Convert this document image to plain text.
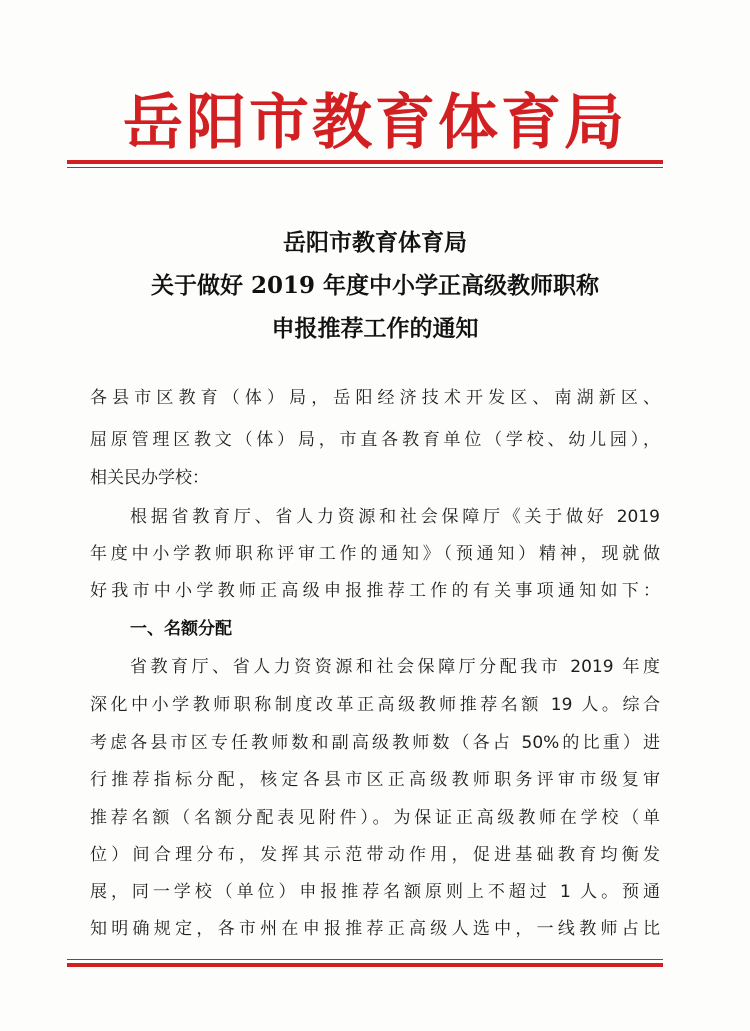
岳阳市教育体育局
岳阳市教育体育局
关于做好 2019 年度中小学正高级教师职称
申报推荐工作的通知
各县市区教育（体）局，岳阳经济技术开发区、南湖新区、
屈原管理区教文（体）局，市直各教育单位（学校、幼儿园），
相关民办学校：
根据省教育厅、省人力资源和社会保障厅《关于做好 2019
年度中小学教师职称评审工作的通知》（预通知）精神，现就做
好我市中小学教师正高级申报推荐工作的有关事项通知如下：
一、名额分配
省教育厅、省人力资资源和社会保障厅分配我市 2019 年度
深化中小学教师职称制度改革正高级教师推荐名额 19 人。综合
考虑各县市区专任教师数和副高级教师数（各占 50%的比重）进
行推荐指标分配，核定各县市区正高级教师职务评审市级复审
推荐名额（名额分配表见附件）。为保证正高级教师在学校（单
位）间合理分布，发挥其示范带动作用，促进基础教育均衡发
展，同一学校（单位）申报推荐名额原则上不超过 1 人。预通
知明确规定，各市州在申报推荐正高级人选中，一线教师占比
